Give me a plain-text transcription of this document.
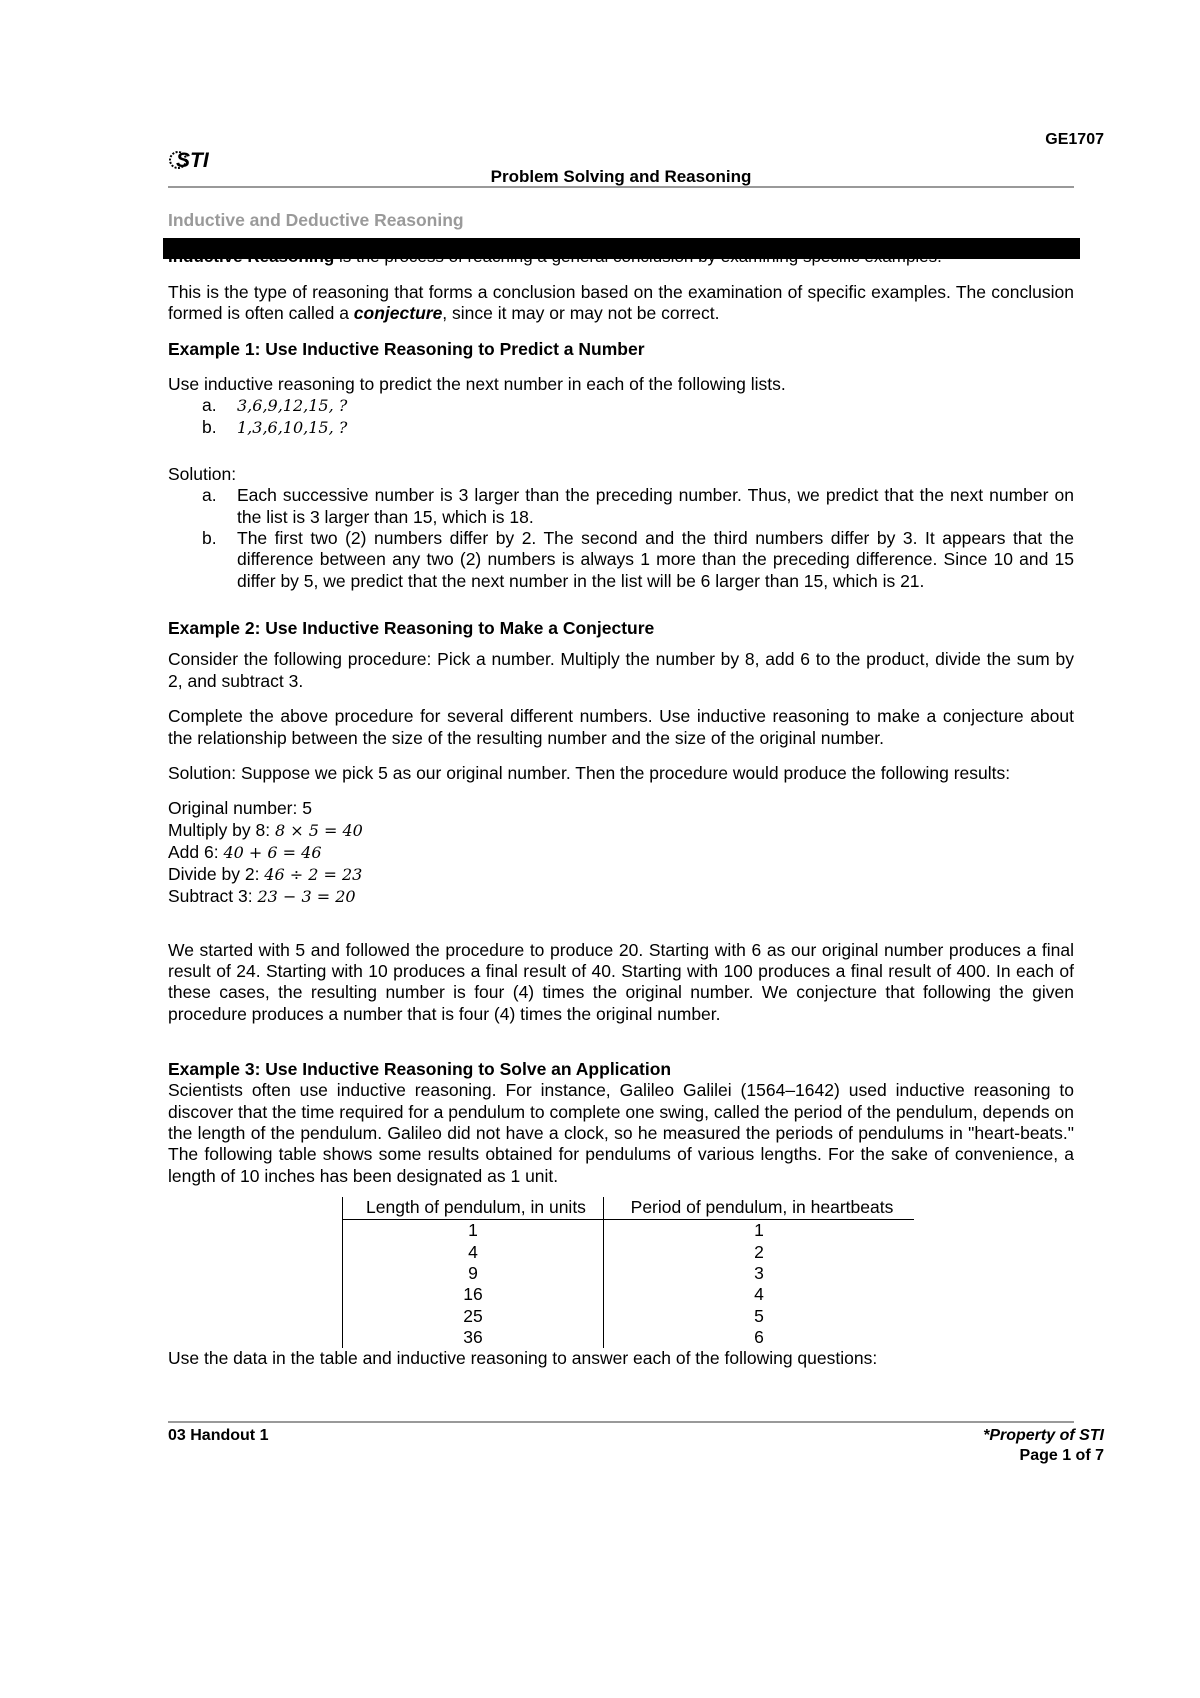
GE1707
STI
Problem Solving and Reasoning
Inductive and Deductive Reasoning

This is the type of reasoning that forms a conclusion based on the examination of specific examples. The conclusion formed is often called a conjecture, since it may or may not be correct.

Example 1: Use Inductive Reasoning to Predict a Number

Use inductive reasoning to predict the next number in each of the following lists.

a. 3,6,9,12,15, ?
b. 1,3,6,10,15, ?

Solution:

a. Each successive number is 3 larger than the preceding number. Thus, we predict that the next number on the list is 3 larger than 15, which is 18.
b. The first two (2) numbers differ by 2. The second and the third numbers differ by 3. It appears that the difference between any two (2) numbers is always 1 more than the preceding difference. Since 10 and 15 differ by 5, we predict that the next number in the list will be 6 larger than 15, which is 21.

Example 2: Use Inductive Reasoning to Make a Conjecture

Consider the following procedure: Pick a number. Multiply the number by 8, add 6 to the product, divide the sum by 2, and subtract 3.

Complete the above procedure for several different numbers. Use inductive reasoning to make a conjecture about the relationship between the size of the resulting number and the size of the original number.

Solution: Suppose we pick 5 as our original number. Then the procedure would produce the following results:

Original number: 5
Multiply by 8: 8 × 5 = 40
Add 6: 40 + 6 = 46
Divide by 2: 46 ÷ 2 = 23
Subtract 3: 23 − 3 = 20

We started with 5 and followed the procedure to produce 20. Starting with 6 as our original number produces a final result of 24. Starting with 10 produces a final result of 40. Starting with 100 produces a final result of 400. In each of these cases, the resulting number is four (4) times the original number. We conjecture that following the given procedure produces a number that is four (4) times the original number.

Example 3: Use Inductive Reasoning to Solve an Application

Scientists often use inductive reasoning. For instance, Galileo Galilei (1564–1642) used inductive reasoning to discover that the time required for a pendulum to complete one swing, called the period of the pendulum, depends on the length of the pendulum. Galileo did not have a clock, so he measured the periods of pendulums in "heart-beats." The following table shows some results obtained for pendulums of various lengths. For the sake of convenience, a length of 10 inches has been designated as 1 unit.

Length of pendulum, in units	Period of pendulum, in heartbeats
1	1
4	2
9	3
16	4
25	5
36	6

Use the data in the table and inductive reasoning to answer each of the following questions:

03 Handout 1	*Property of STI
Page 1 of 7
